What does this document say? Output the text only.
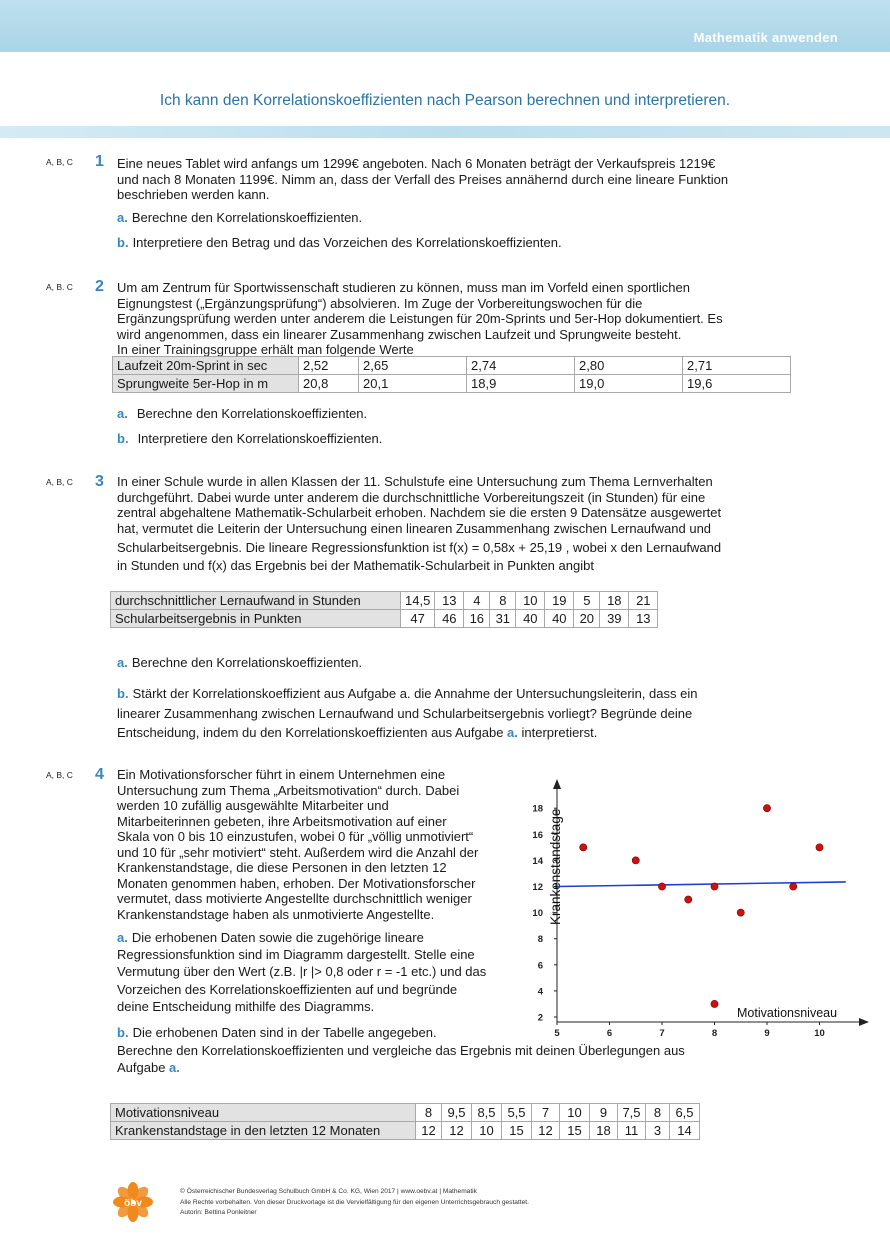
Mathematik anwenden
Ich kann den Korrelationskoeffizienten nach Pearson berechnen und interpretieren.
A, B, C 1 Eine neues Tablet wird anfangs um 1299€ angeboten. Nach 6 Monaten beträgt der Verkaufspreis 1219€
und nach 8 Monaten 1199€. Nimm an, dass der Verfall des Preises annähernd durch eine lineare Funktion
beschrieben werden kann.
a. Berechne den Korrelationskoeffizienten.
b. Interpretiere den Betrag und das Vorzeichen des Korrelationskoeffizienten.
A, B. C 2 Um am Zentrum für Sportwissenschaft studieren zu können, muss man im Vorfeld einen sportlichen
Eignungstest („Ergänzungsprüfung“) absolvieren. Im Zuge der Vorbereitungswochen für die
Ergänzungsprüfung werden unter anderem die Leistungen für 20m-Sprints und 5er-Hop dokumentiert. Es
wird angenommen, dass ein linearer Zusammenhang zwischen Laufzeit und Sprungweite besteht.
In einer Trainingsgruppe erhält man folgende Werte
Laufzeit 20m-Sprint in sec	2,52	2,65	2,74	2,80	2,71
Sprungweite 5er-Hop in m	20,8	20,1	18,9	19,0	19,6
a. Berechne den Korrelationskoeffizienten.
b. Interpretiere den Korrelationskoeffizienten.
A, B, C 3 In einer Schule wurde in allen Klassen der 11. Schulstufe eine Untersuchung zum Thema Lernverhalten
durchgeführt. Dabei wurde unter anderem die durchschnittliche Vorbereitungszeit (in Stunden) für eine
zentral abgehaltene Mathematik-Schularbeit erhoben. Nachdem sie die ersten 9 Datensätze ausgewertet
hat, vermutet die Leiterin der Untersuchung einen linearen Zusammenhang zwischen Lernaufwand und
Schularbeitsergebnis. Die lineare Regressionsfunktion ist f(x) = 0,58x + 25,19 , wobei x den Lernaufwand
in Stunden und f(x) das Ergebnis bei der Mathematik-Schularbeit in Punkten angibt
durchschnittlicher Lernaufwand in Stunden	14,5	13	4	8	10	19	5	18	21
Schularbeitsergebnis in Punkten	47	46	16	31	40	40	20	39	13
a. Berechne den Korrelationskoeffizienten.
b. Stärkt der Korrelationskoeffizient aus Aufgabe a. die Annahme der Untersuchungsleiterin, dass ein
linearer Zusammenhang zwischen Lernaufwand und Schularbeitsergebnis vorliegt? Begründe deine
Entscheidung, indem du den Korrelationskoeffizienten aus Aufgabe a. interpretierst.
A, B, C 4 Ein Motivationsforscher führt in einem Unternehmen eine
Untersuchung zum Thema „Arbeitsmotivation“ durch. Dabei
werden 10 zufällig ausgewählte Mitarbeiter und
Mitarbeiterinnen gebeten, ihre Arbeitsmotivation auf einer
Skala von 0 bis 10 einzustufen, wobei 0 für „völlig unmotiviert“
und 10 für „sehr motiviert“ steht. Außerdem wird die Anzahl der
Krankenstandstage, die diese Personen in den letzten 12
Monaten genommen haben, erhoben. Der Motivationsforscher
vermutet, dass motivierte Angestellte durchschnittlich weniger
Krankenstandstage haben als unmotivierte Angestellte.
a. Die erhobenen Daten sowie die zugehörige lineare
Regressionsfunktion sind im Diagramm dargestellt. Stelle eine
Vermutung über den Wert (z.B. |r |> 0,8 oder r = -1 etc.) und das
Vorzeichen des Korrelationskoeffizienten auf und begründe
deine Entscheidung mithilfe des Diagramms.
b. Die erhobenen Daten sind in der Tabelle angegeben.
Berechne den Korrelationskoeffizienten und vergleiche das Ergebnis mit deinen Überlegungen aus
Aufgabe a.
5	6	7	8	9	10
2
4
6
8
10
12
14
16
18
Motivationsniveau
Krankenstandstage
Motivationsniveau	8	9,5	8,5	5,5	7	10	9	7,5	8	6,5
Krankenstandstage in den letzten 12 Monaten	12	12	10	15	12	15	18	11	3	14
öbv
© Österreichischer Bundesverlag Schulbuch GmbH & Co. KG, Wien 2017 | www.oebv.at | Mathematik
Alle Rechte vorbehalten. Von dieser Druckvorlage ist die Vervielfältigung für den eigenen Unterrichtsgebrauch gestattet.
Autorin: Bettina Ponleitner
